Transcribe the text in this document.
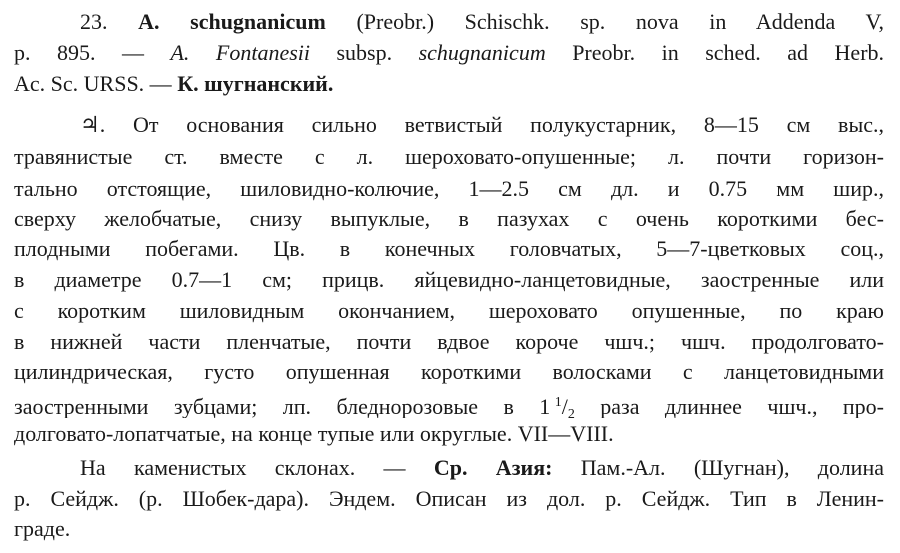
23. A. schugnanicum (Preobr.) Schischk. sp. nova in Addenda V,
p. 895. — A. Fontanesii subsp. schugnanicum Preobr. in sched. ad Herb.
Ac. Sc. URSS. — К. шугнанский.
♃. От основания сильно ветвистый полукустарник, 8—15 см выс.,
травянистые ст. вместе с л. шероховато-опушенные; л. почти горизон-
тально отстоящие, шиловидно-колючие, 1—2.5 см дл. и 0.75 мм шир.,
сверху желобчатые, снизу выпуклые, в пазухах с очень короткими бес-
плодными побегами. Цв. в конечных головчатых, 5—7-цветковых соц.,
в диаметре 0.7—1 см; прицв. яйцевидно-ланцетовидные, заостренные или
с коротким шиловидным окончанием, шероховато опушенные, по краю
в нижней части пленчатые, почти вдвое короче чшч.; чшч. продолговато-
цилиндрическая, густо опушенная короткими волосками с ланцетовидными
заостренными зубцами; лп. бледнорозовые в 1  $^1/_2$ раза длиннее чшч., про-
долговато-лопатчатые, на конце тупые или округлые. VII—VIII.
На каменистых склонах. — Ср. Азия: Пам.-Ал. (Шугнан), долина
р. Сейдж. (р. Шобек-дара). Эндем. Описан из дол. р. Сейдж. Тип в Ленин-
граде.
